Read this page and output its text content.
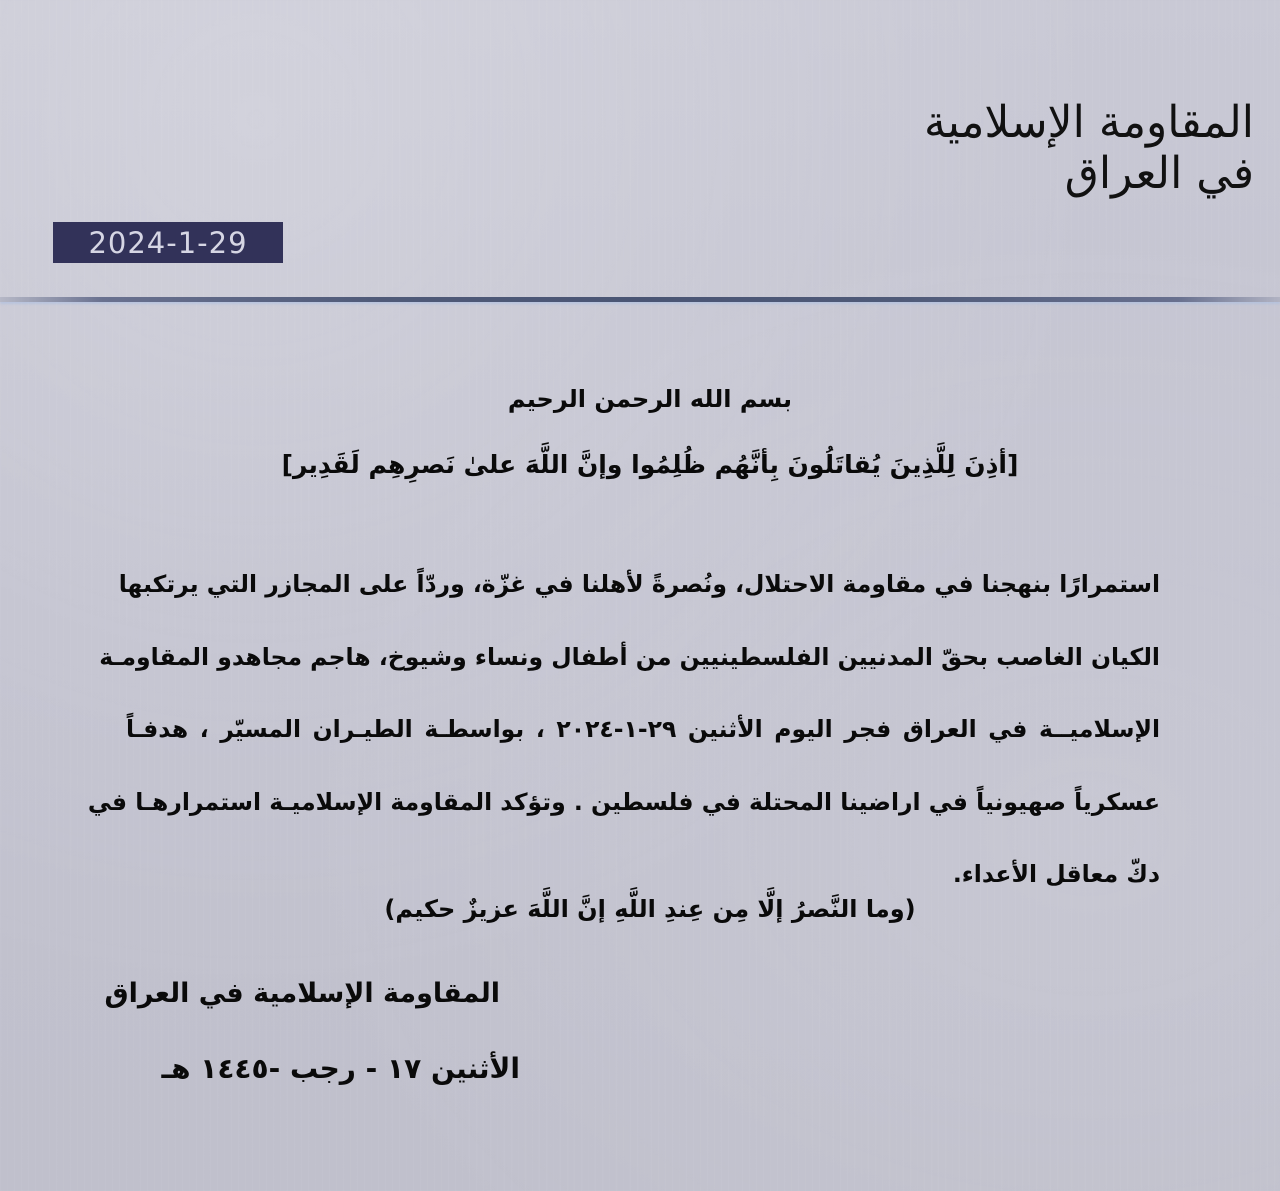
المقاومة الإسلامية في العراق
2024-1-29
بسم الله الرحمن الرحيم
[أذِنَ لِلَّذِينَ يُقاتَلُونَ بِأنَّهُم ظُلِمُوا وإنَّ اللَّهَ علىٰ نَصرِهِم لَقَدِير]
استمرارًا بنهجنا في مقاومة الاحتلال، ونُصرةً لأهلنا في غزّة، وردّاً على المجازر التي يرتكبها
الكيان الغاصب بحقّ المدنيين الفلسطينيين من أطفال ونساء وشيوخ، هاجم مجاهدو المقاومـة
الإسلاميــة في العراق فجر اليوم الأثنين ٢٩-١-٢٠٢٤ ، بواسطـة الطيـران المسيّر ، هدفـاً
عسكرياً صهيونياً في اراضينا المحتلة في فلسطين . وتؤكد المقاومة الإسلاميـة استمرارهـا في
دكّ معاقل الأعداء.
(وما النَّصرُ إلَّا مِن عِندِ اللَّهِ إنَّ اللَّهَ عزيزٌ حكيم)
المقاومة الإسلامية في العراق
الأثنين ١٧ - رجب -١٤٤٥ هـ
